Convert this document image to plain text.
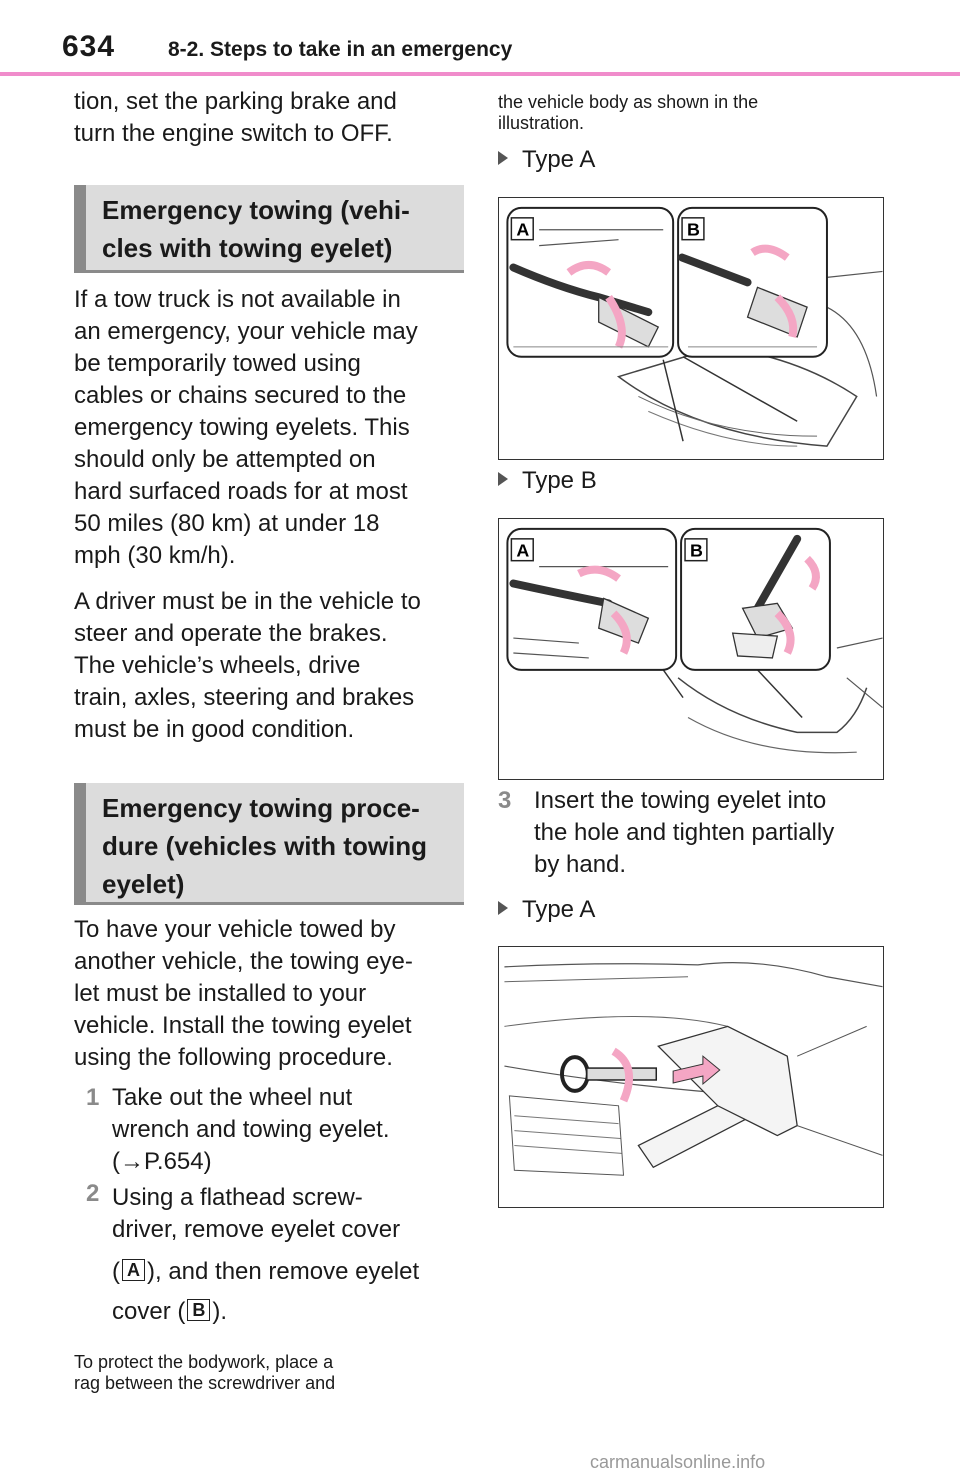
634	8-2. Steps to take in an emergency
tion, set the parking brake and
turn the engine switch to OFF.
Emergency towing (vehi-
cles with towing eyelet)
If a tow truck is not available in
an emergency, your vehicle may
be temporarily towed using
cables or chains secured to the
emergency towing eyelets. This
should only be attempted on
hard surfaced roads for at most
50 miles (80 km) at under 18
mph (30 km/h).
A driver must be in the vehicle to
steer and operate the brakes.
The vehicle’s wheels, drive
train, axles, steering and brakes
must be in good condition.
Emergency towing proce-
dure (vehicles with towing
eyelet)
To have your vehicle towed by
another vehicle, the towing eye-
let must be installed to your
vehicle. Install the towing eyelet
using the following procedure.
1 Take out the wheel nut
wrench and towing eyelet.
(→P.654)
2 Using a flathead screw-
driver, remove eyelet cover
( A ), and then remove eyelet
cover ( B ).
To protect the bodywork, place a
rag between the screwdriver and
the vehicle body as shown in the
illustration.
Type A
A	B
Type B
A	B
3 Insert the towing eyelet into
the hole and tighten partially
by hand.
Type A
carmanualsonline.info
